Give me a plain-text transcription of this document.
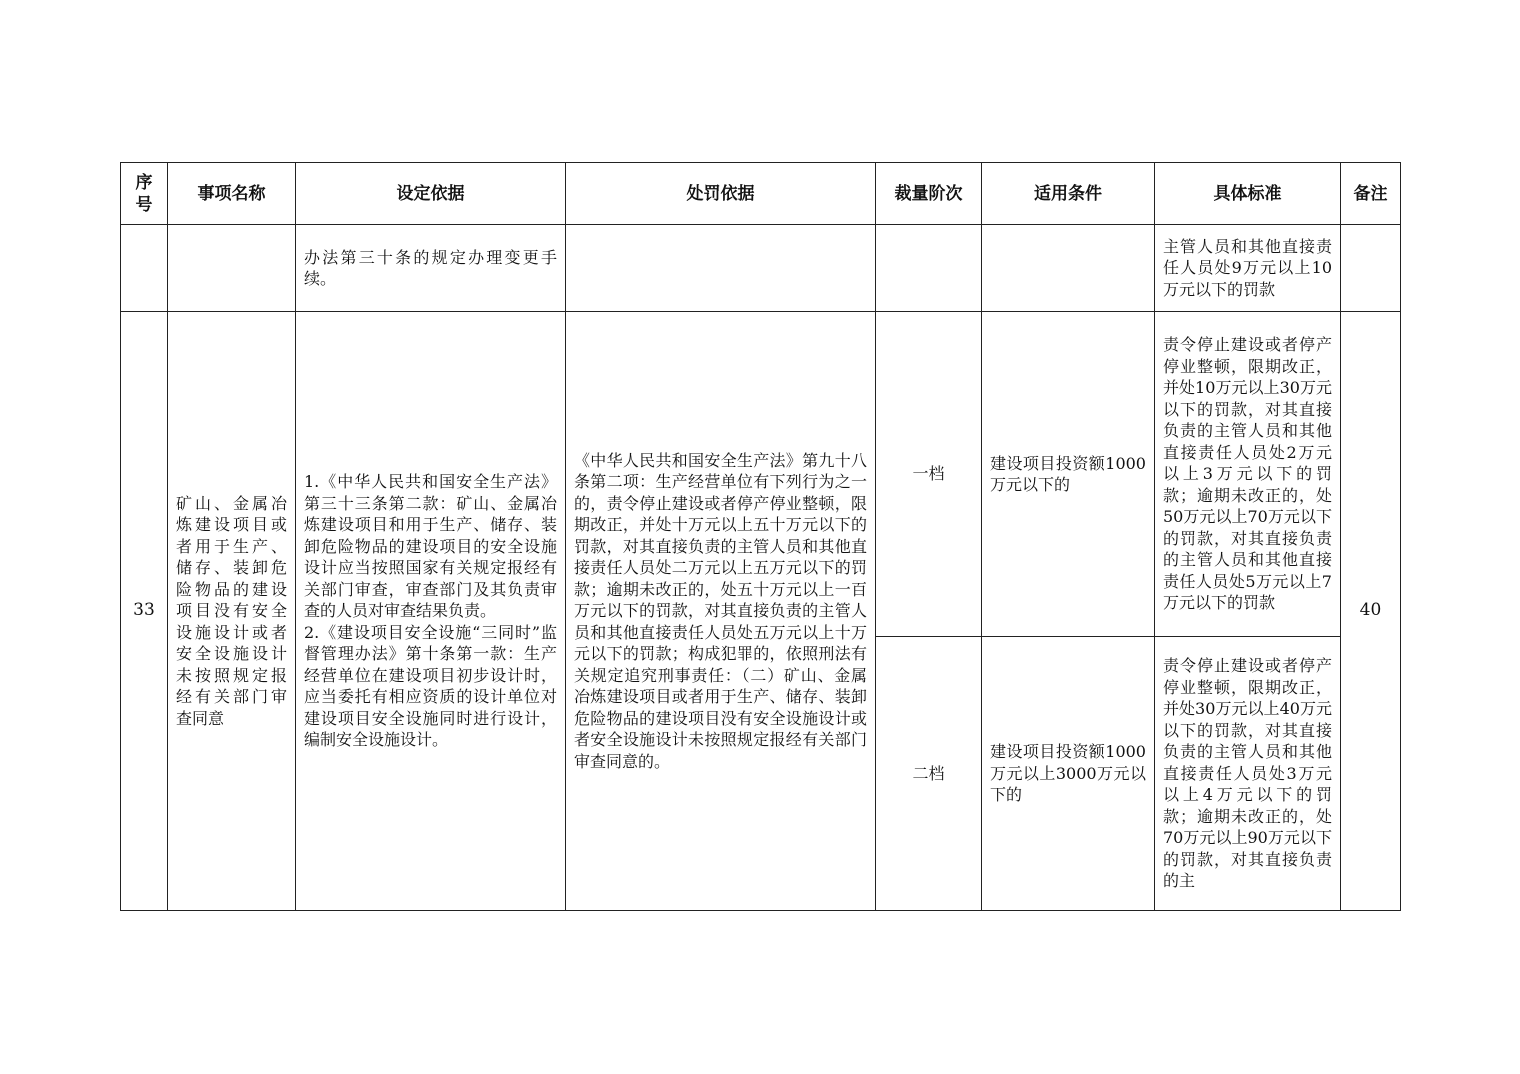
序
号	事项名称	设定依据	处罚依据	裁量阶次	适用条件	具体标准	备注

		办法第三十条的规定办理变更手续。				主管人员和其他直接责任人员处9万元以上10万元以下的罚款	

33	矿山、金属冶炼建设项目或者用于生产、储存、装卸危险物品的建设项目没有安全设施设计或者安全设施设计未按照规定报经有关部门审查同意	1.《中华人民共和国安全生产法》第三十三条第二款：矿山、金属冶炼建设项目和用于生产、储存、装卸危险物品的建设项目的安全设施设计应当按照国家有关规定报经有关部门审查，审查部门及其负责审查的人员对审查结果负责。
2.《建设项目安全设施“三同时”监督管理办法》第十条第一款：生产经营单位在建设项目初步设计时，应当委托有相应资质的设计单位对建设项目安全设施同时进行设计，编制安全设施设计。	《中华人民共和国安全生产法》第九十八条第二项：生产经营单位有下列行为之一的，责令停止建设或者停产停业整顿，限期改正，并处十万元以上五十万元以下的罚款，对其直接负责的主管人员和其他直接责任人员处二万元以上五万元以下的罚款；逾期未改正的，处五十万元以上一百万元以下的罚款，对其直接负责的主管人员和其他直接责任人员处五万元以上十万元以下的罚款；构成犯罪的，依照刑法有关规定追究刑事责任：（二）矿山、金属冶炼建设项目或者用于生产、储存、装卸危险物品的建设项目没有安全设施设计或者安全设施设计未按照规定报经有关部门审查同意的。	一档	建设项目投资额1000万元以下的	责令停止建设或者停产停业整顿，限期改正，并处10万元以上30万元以下的罚款，对其直接负责的主管人员和其他直接责任人员处2万元以上3万元以下的罚款；逾期未改正的，处50万元以上70万元以下的罚款，对其直接负责的主管人员和其他直接责任人员处5万元以上7万元以下的罚款	40
				二档	建设项目投资额1000万元以上3000万元以下的	责令停止建设或者停产停业整顿，限期改正，并处30万元以上40万元以下的罚款，对其直接负责的主管人员和其他直接责任人员处3万元以上4万元以下的罚款；逾期未改正的，处70万元以上90万元以下的罚款，对其直接负责的主	
